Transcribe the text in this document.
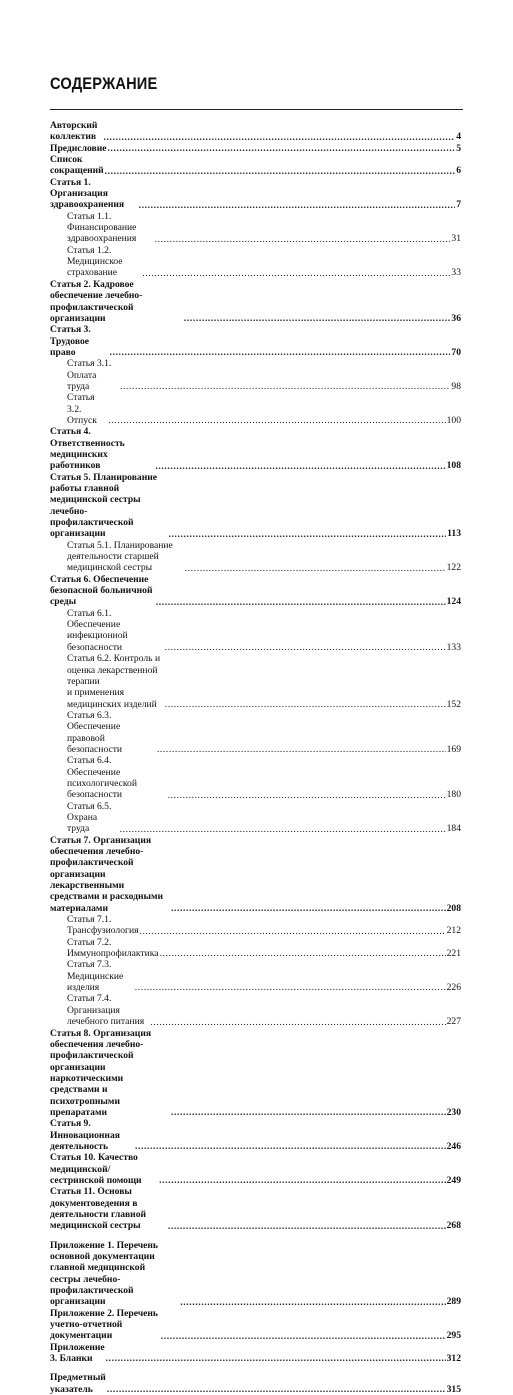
СОДЕРЖАНИЕ
Авторский коллектив .....	4
Предисловие .....	5
Список сокращений .....	6
Статья 1. Организация здравоохранения .....	7
Статья 1.1. Финансирование здравоохранения .....	31
Статья 1.2. Медицинское страхование .....	33
Статья 2. Кадровое обеспечение лечебно-профилактической организации .....	36
Статья 3. Трудовое право .....	70
Статья 3.1. Оплата труда .....	98
Статья 3.2. Отпуск .....	100
Статья 4. Ответственность медицинских работников .....	108
Статья 5. Планирование работы главной медицинской сестры
лечебно-профилактической организации .....	113
Статья 5.1. Планирование деятельности старшей медицинской сестры .....	122
Статья 6. Обеспечение безопасной больничной среды .....	124
Статья 6.1. Обеспечение инфекционной безопасности .....	133
Статья 6.2. Контроль и оценка лекарственной терапии
и применения медицинских изделий .....	152
Статья 6.3. Обеспечение правовой безопасности .....	169
Статья 6.4. Обеспечение психологической безопасности .....	180
Статья 6.5. Охрана труда .....	184
Статья 7. Организация обеспечения лечебно-профилактической
организации лекарственными средствами и расходными
материалами .....	208
Статья 7.1. Трансфузиология .....	212
Статья 7.2. Иммунопрофилактика .....	221
Статья 7.3. Медицинские изделия .....	226
Статья 7.4. Организация лечебного питания .....	227
Статья 8. Организация обеспечения лечебно-профилактической
организации наркотическими средствами и психотропными
препаратами .....	230
Статья 9. Инновационная деятельность .....	246
Статья 10. Качество медицинской/сестринской помощи .....	249
Статья 11. Основы документоведения в деятельности главной
медицинской сестры .....	268
Приложение 1. Перечень основной документации главной медицинской
сестры лечебно-профилактической организации .....	289
Приложение 2. Перечень учетно-отчетной документации .....	295
Приложение 3. Бланки .....	312
Предметный указатель .....	315
